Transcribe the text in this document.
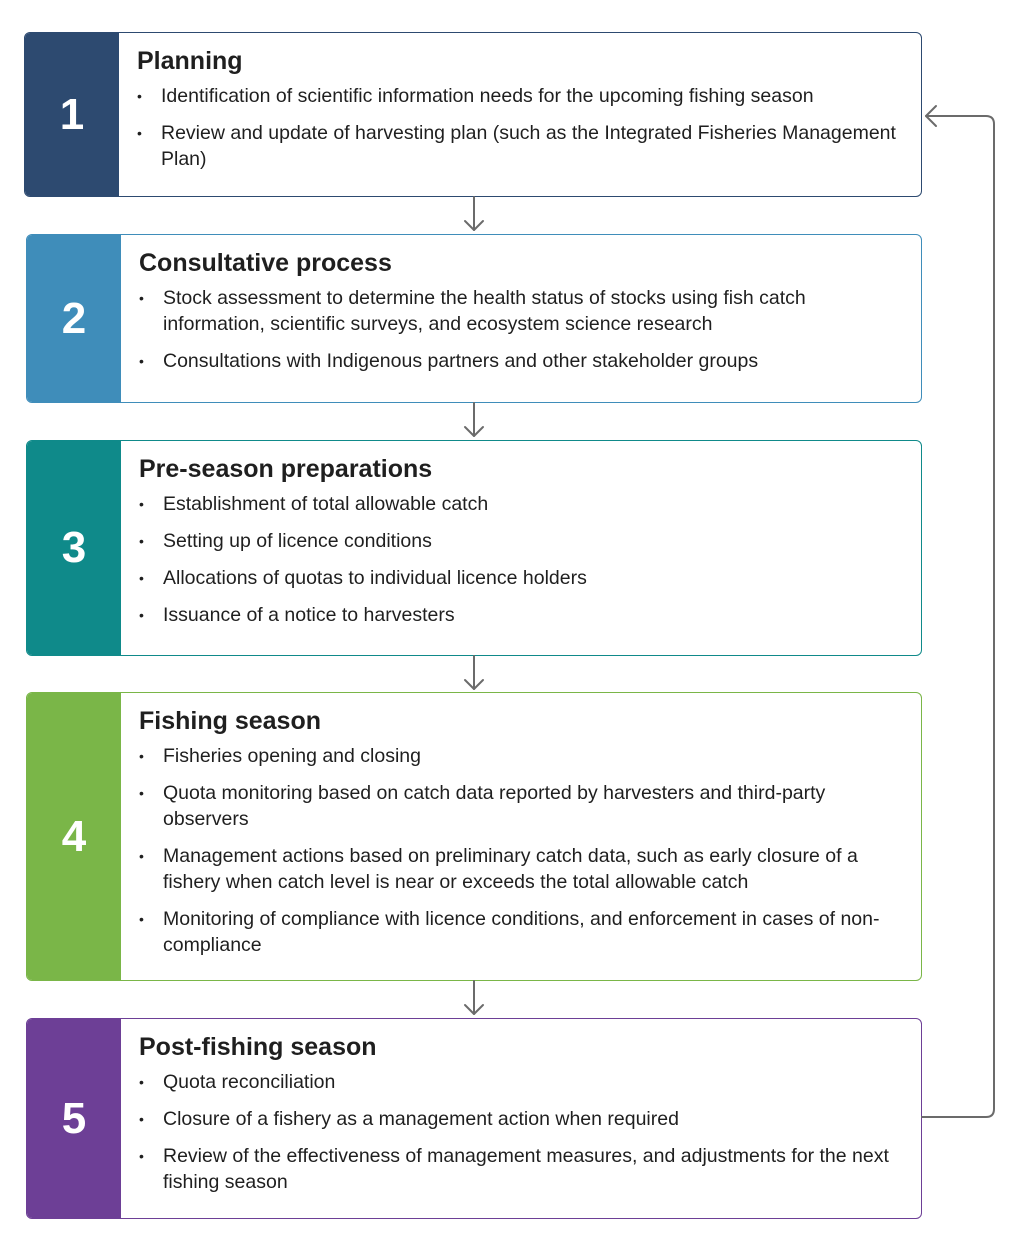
1
Planning
• Identification of scientific information needs for the upcoming fishing season
• Review and update of harvesting plan (such as the Integrated Fisheries Management Plan)
2
Consultative process
• Stock assessment to determine the health status of stocks using fish catch information, scientific surveys, and ecosystem science research
• Consultations with Indigenous partners and other stakeholder groups
3
Pre-season preparations
• Establishment of total allowable catch
• Setting up of licence conditions
• Allocations of quotas to individual licence holders
• Issuance of a notice to harvesters
4
Fishing season
• Fisheries opening and closing
• Quota monitoring based on catch data reported by harvesters and third-party observers
• Management actions based on preliminary catch data, such as early closure of a fishery when catch level is near or exceeds the total allowable catch
• Monitoring of compliance with licence conditions, and enforcement in cases of non-compliance
5
Post-fishing season
• Quota reconciliation
• Closure of a fishery as a management action when required
• Review of the effectiveness of management measures, and adjustments for the next fishing season
